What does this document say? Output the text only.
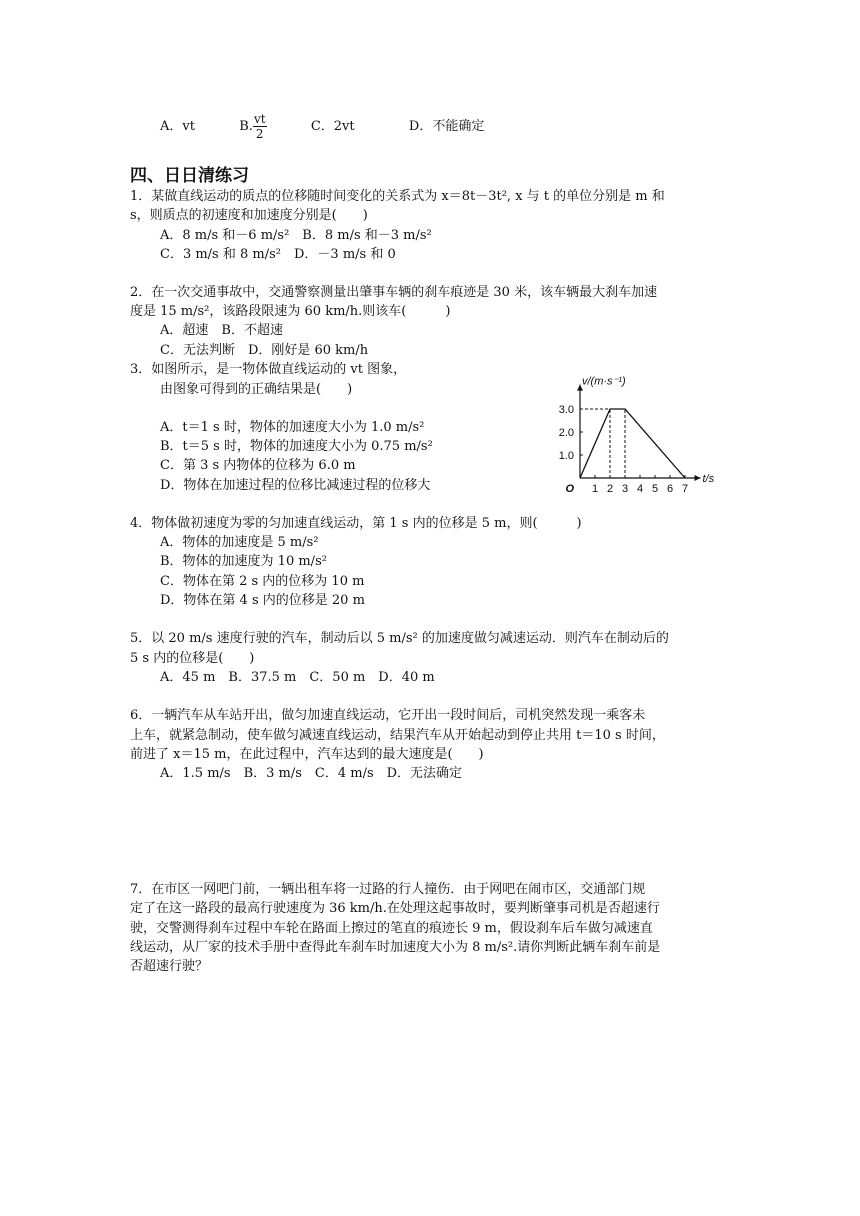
A．vt	B. $\frac{vt}{2}$	C．2vt	D．不能确定
四、日日清练习
1．某做直线运动的质点的位移随时间变化的关系式为 x＝8t－3t², x 与 t 的单位分别是 m 和
s，则质点的初速度和加速度分别是(　　)
A．8 m/s 和－6 m/s²　B．8 m/s 和－3 m/s²
C．3 m/s 和 8 m/s²　D．－3 m/s 和 0
2．在一次交通事故中，交通警察测量出肇事车辆的刹车痕迹是 30 米，该车辆最大刹车加速
度是 15 m/s²，该路段限速为 60 km/h.则该车(　　　)
A．超速　B．不超速
C．无法判断　D．刚好是 60 km/h
3．如图所示，是一物体做直线运动的 vt 图象，
由图象可得到的正确结果是(　　)
A．t＝1 s 时，物体的加速度大小为 1.0 m/s²
B．t＝5 s 时，物体的加速度大小为 0.75 m/s²
C．第 3 s 内物体的位移为 6.0 m
D．物体在加速过程的位移比减速过程的位移大	1 2 3 4 5 6 7
1.0
2.0
3.0
O
t/s
v/(m·s⁻¹)
4．物体做初速度为零的匀加速直线运动，第 1 s 内的位移是 5 m，则(　　　)
A．物体的加速度是 5 m/s²
B．物体的加速度为 10 m/s²
C．物体在第 2 s 内的位移为 10 m
D．物体在第 4 s 内的位移是 20 m
5．以 20 m/s 速度行驶的汽车，制动后以 5 m/s² 的加速度做匀减速运动．则汽车在制动后的
5 s 内的位移是(　　)
A．45 m　B．37.5 m　C．50 m　D．40 m
6．一辆汽车从车站开出，做匀加速直线运动，它开出一段时间后，司机突然发现一乘客未
上车，就紧急制动，使车做匀减速直线运动，结果汽车从开始起动到停止共用 t＝10 s 时间，
前进了 x＝15 m，在此过程中，汽车达到的最大速度是(　　)
A．1.5 m/s　B．3 m/s　C．4 m/s　D．无法确定
7．在市区一网吧门前，一辆出租车将一过路的行人撞伤．由于网吧在闹市区，交通部门规
定了在这一路段的最高行驶速度为 36 km/h.在处理这起事故时，要判断肇事司机是否超速行
驶，交警测得刹车过程中车轮在路面上擦过的笔直的痕迹长 9 m，假设刹车后车做匀减速直
线运动，从厂家的技术手册中查得此车刹车时加速度大小为 8 m/s².请你判断此辆车刹车前是
否超速行驶？
